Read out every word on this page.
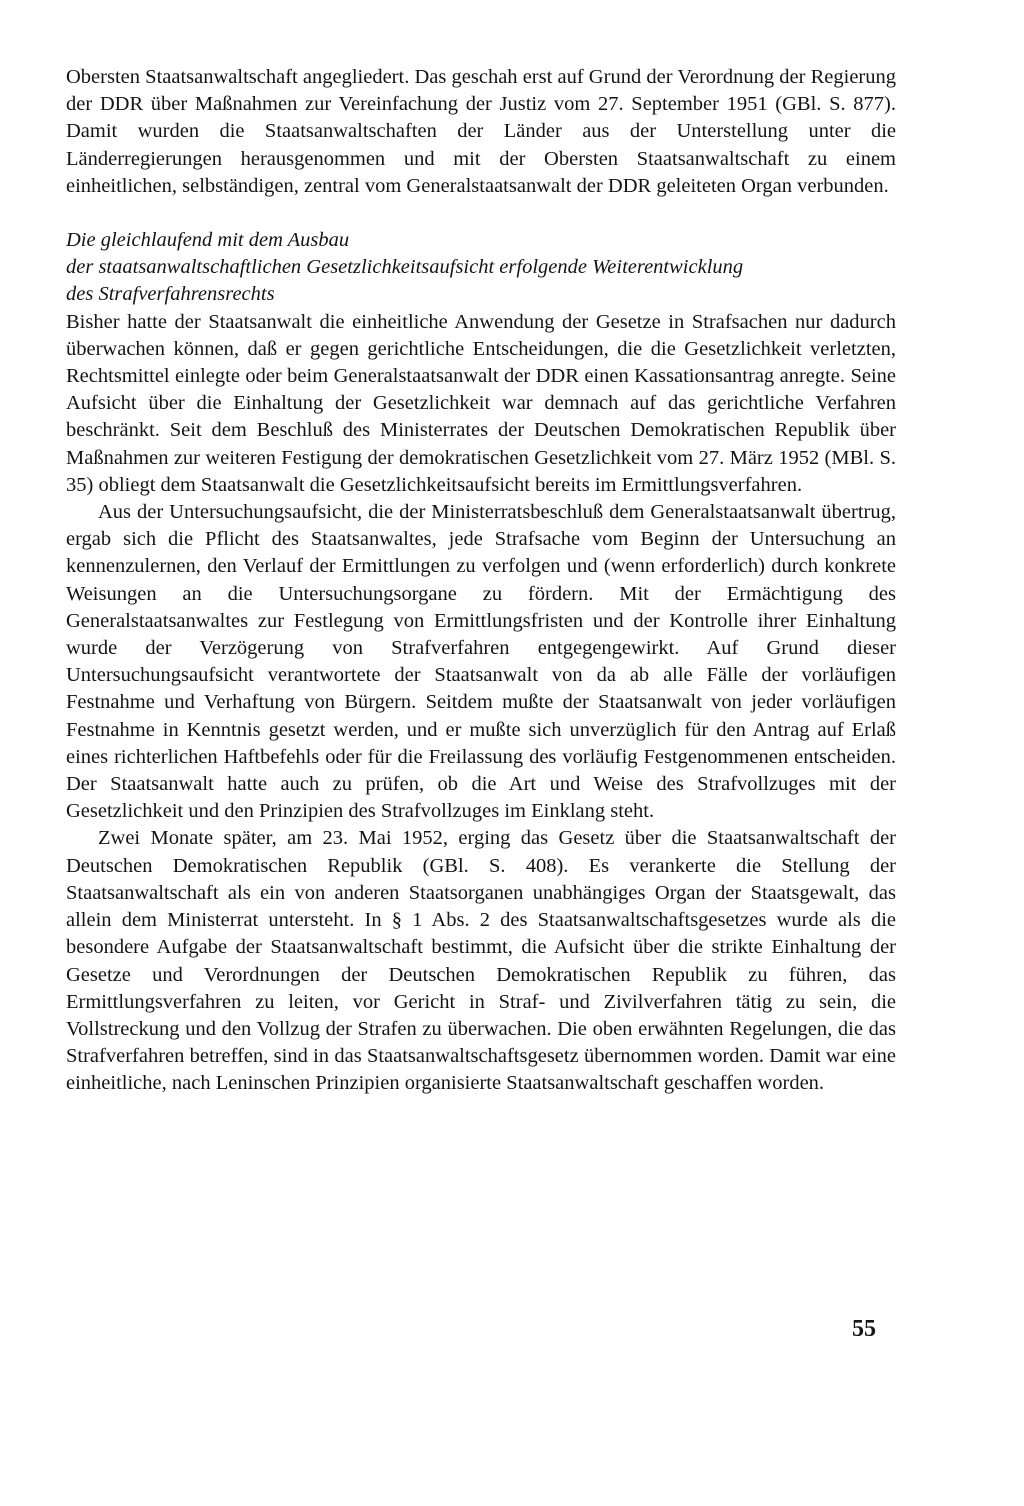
Obersten Staatsanwaltschaft angegliedert. Das geschah erst auf Grund der Verordnung der Regierung der DDR über Maßnahmen zur Vereinfachung der Justiz vom 27. September 1951 (GBl. S. 877). Damit wurden die Staatsanwaltschaften der Länder aus der Unterstellung unter die Länderregierungen herausgenommen und mit der Obersten Staatsanwaltschaft zu einem einheitlichen, selbständigen, zentral vom Generalstaatsanwalt der DDR geleiteten Organ verbunden.

Die gleichlaufend mit dem Ausbau
der staatsanwaltschaftlichen Gesetzlichkeitsaufsicht erfolgende Weiterentwicklung
des Strafverfahrensrechts

Bisher hatte der Staatsanwalt die einheitliche Anwendung der Gesetze in Strafsachen nur dadurch überwachen können, daß er gegen gerichtliche Entscheidungen, die die Gesetzlichkeit verletzten, Rechtsmittel einlegte oder beim Generalstaatsanwalt der DDR einen Kassationsantrag anregte. Seine Aufsicht über die Einhaltung der Gesetzlichkeit war demnach auf das gerichtliche Verfahren beschränkt. Seit dem Beschluß des Ministerrates der Deutschen Demokratischen Republik über Maßnahmen zur weiteren Festigung der demokratischen Gesetzlichkeit vom 27. März 1952 (MBl. S. 35) obliegt dem Staatsanwalt die Gesetzlichkeitsaufsicht bereits im Ermittlungsverfahren.

Aus der Untersuchungsaufsicht, die der Ministerratsbeschluß dem Generalstaatsanwalt übertrug, ergab sich die Pflicht des Staatsanwaltes, jede Strafsache vom Beginn der Untersuchung an kennenzulernen, den Verlauf der Ermittlungen zu verfolgen und (wenn erforderlich) durch konkrete Weisungen an die Untersuchungsorgane zu fördern. Mit der Ermächtigung des Generalstaatsanwaltes zur Festlegung von Ermittlungsfristen und der Kontrolle ihrer Einhaltung wurde der Verzögerung von Strafverfahren entgegengewirkt. Auf Grund dieser Untersuchungsaufsicht verantwortete der Staatsanwalt von da ab alle Fälle der vorläufigen Festnahme und Verhaftung von Bürgern. Seitdem mußte der Staatsanwalt von jeder vorläufigen Festnahme in Kenntnis gesetzt werden, und er mußte sich unverzüglich für den Antrag auf Erlaß eines richterlichen Haftbefehls oder für die Freilassung des vorläufig Festgenommenen entscheiden. Der Staatsanwalt hatte auch zu prüfen, ob die Art und Weise des Strafvollzuges mit der Gesetzlichkeit und den Prinzipien des Strafvollzuges im Einklang steht.

Zwei Monate später, am 23. Mai 1952, erging das Gesetz über die Staatsanwaltschaft der Deutschen Demokratischen Republik (GBl. S. 408). Es verankerte die Stellung der Staatsanwaltschaft als ein von anderen Staatsorganen unabhängiges Organ der Staatsgewalt, das allein dem Ministerrat untersteht. In § 1 Abs. 2 des Staatsanwaltschaftsgesetzes wurde als die besondere Aufgabe der Staatsanwaltschaft bestimmt, die Aufsicht über die strikte Einhaltung der Gesetze und Verordnungen der Deutschen Demokratischen Republik zu führen, das Ermittlungsverfahren zu leiten, vor Gericht in Straf- und Zivilverfahren tätig zu sein, die Vollstreckung und den Vollzug der Strafen zu überwachen. Die oben erwähnten Regelungen, die das Strafverfahren betreffen, sind in das Staatsanwaltschaftsgesetz übernommen worden. Damit war eine einheitliche, nach Leninschen Prinzipien organisierte Staatsanwaltschaft geschaffen worden.

55
